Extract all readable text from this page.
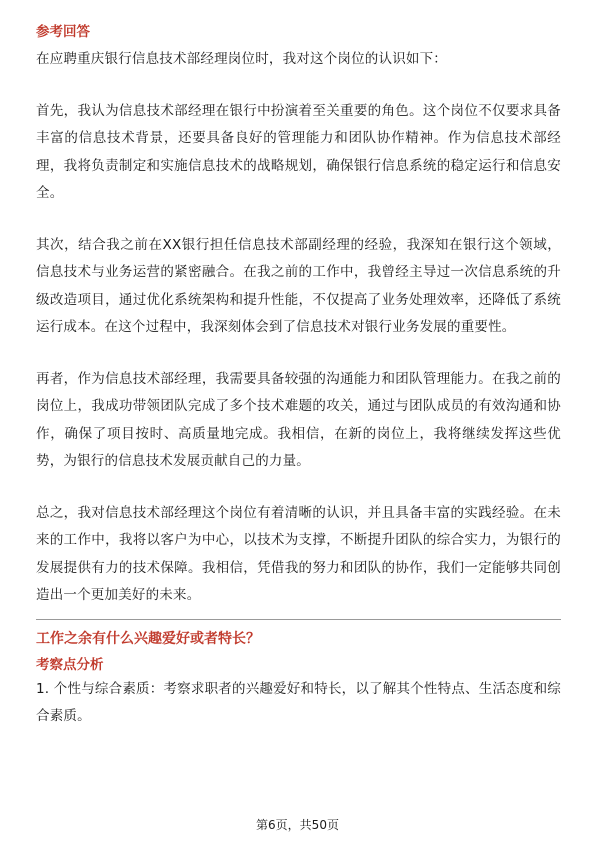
参考回答

在应聘重庆银行信息技术部经理岗位时，我对这个岗位的认识如下：

首先，我认为信息技术部经理在银行中扮演着至关重要的角色。这个岗位不仅要求具备丰富的信息技术背景，还要具备良好的管理能力和团队协作精神。作为信息技术部经理，我将负责制定和实施信息技术的战略规划，确保银行信息系统的稳定运行和信息安全。

其次，结合我之前在XX银行担任信息技术部副经理的经验，我深知在银行这个领域，信息技术与业务运营的紧密融合。在我之前的工作中，我曾经主导过一次信息系统的升级改造项目，通过优化系统架构和提升性能，不仅提高了业务处理效率，还降低了系统运行成本。在这个过程中，我深刻体会到了信息技术对银行业务发展的重要性。

再者，作为信息技术部经理，我需要具备较强的沟通能力和团队管理能力。在我之前的岗位上，我成功带领团队完成了多个技术难题的攻关，通过与团队成员的有效沟通和协作，确保了项目按时、高质量地完成。我相信，在新的岗位上，我将继续发挥这些优势，为银行的信息技术发展贡献自己的力量。

总之，我对信息技术部经理这个岗位有着清晰的认识，并且具备丰富的实践经验。在未来的工作中，我将以客户为中心，以技术为支撑，不断提升团队的综合实力，为银行的发展提供有力的技术保障。我相信，凭借我的努力和团队的协作，我们一定能够共同创造出一个更加美好的未来。

工作之余有什么兴趣爱好或者特长？

考察点分析

1. 个性与综合素质：考察求职者的兴趣爱好和特长，以了解其个性特点、生活态度和综合素质。

第6页，共50页
